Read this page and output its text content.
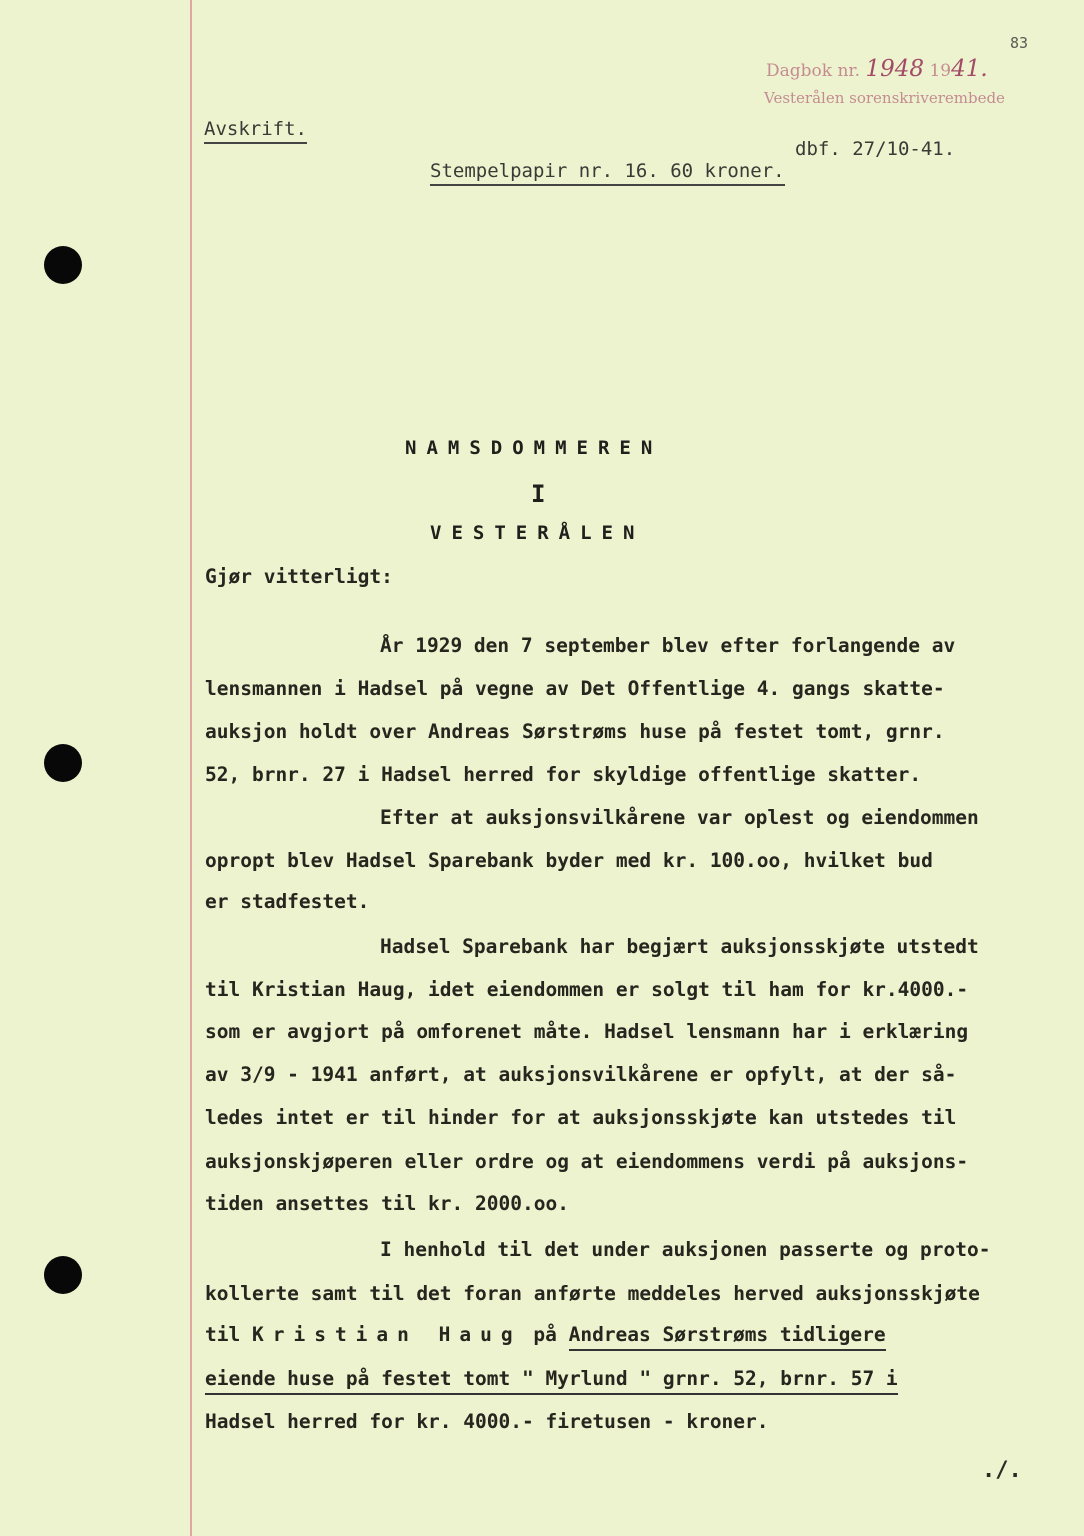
83
Dagbok nr. 1948 1941.
Vesterålen sorenskriverembede
Avskrift.
dbf. 27/10-41.
Stempelpapir nr. 16. 60 kroner.
NAMSDOMMEREN
I
VESTERÅLEN
Gjør vitterligt:
År 1929 den 7 september blev efter forlangende av
lensmannen i Hadsel på vegne av Det Offentlige 4. gangs skatte-
auksjon holdt over Andreas Sørstrøms huse på festet tomt, grnr.
52, brnr. 27 i Hadsel herred for skyldige offentlige skatter.
Efter at auksjonsvilkårene var oplest og eiendommen
opropt blev Hadsel Sparebank byder med kr. 100.oo, hvilket bud
er stadfestet.
Hadsel Sparebank har begjært auksjonsskjøte utstedt
til Kristian Haug, idet eiendommen er solgt til ham for kr.4000.-
som er avgjort på omforenet måte. Hadsel lensmann har i erklæring
av 3/9 - 1941 anført, at auksjonsvilkårene er opfylt, at der så-
ledes intet er til hinder for at auksjonsskjøte kan utstedes til
auksjonskjøperen eller ordre og at eiendommens verdi på auksjons-
tiden ansettes til kr. 2000.oo.
I henhold til det under auksjonen passerte og proto-
kollerte samt til det foran anførte meddeles herved auksjonsskjøte
til Kristian Haug på Andreas Sørstrøms tidligere
eiende huse på festet tomt " Myrlund " grnr. 52, brnr. 57 i
Hadsel herred for kr. 4000.- firetusen - kroner.
./.
